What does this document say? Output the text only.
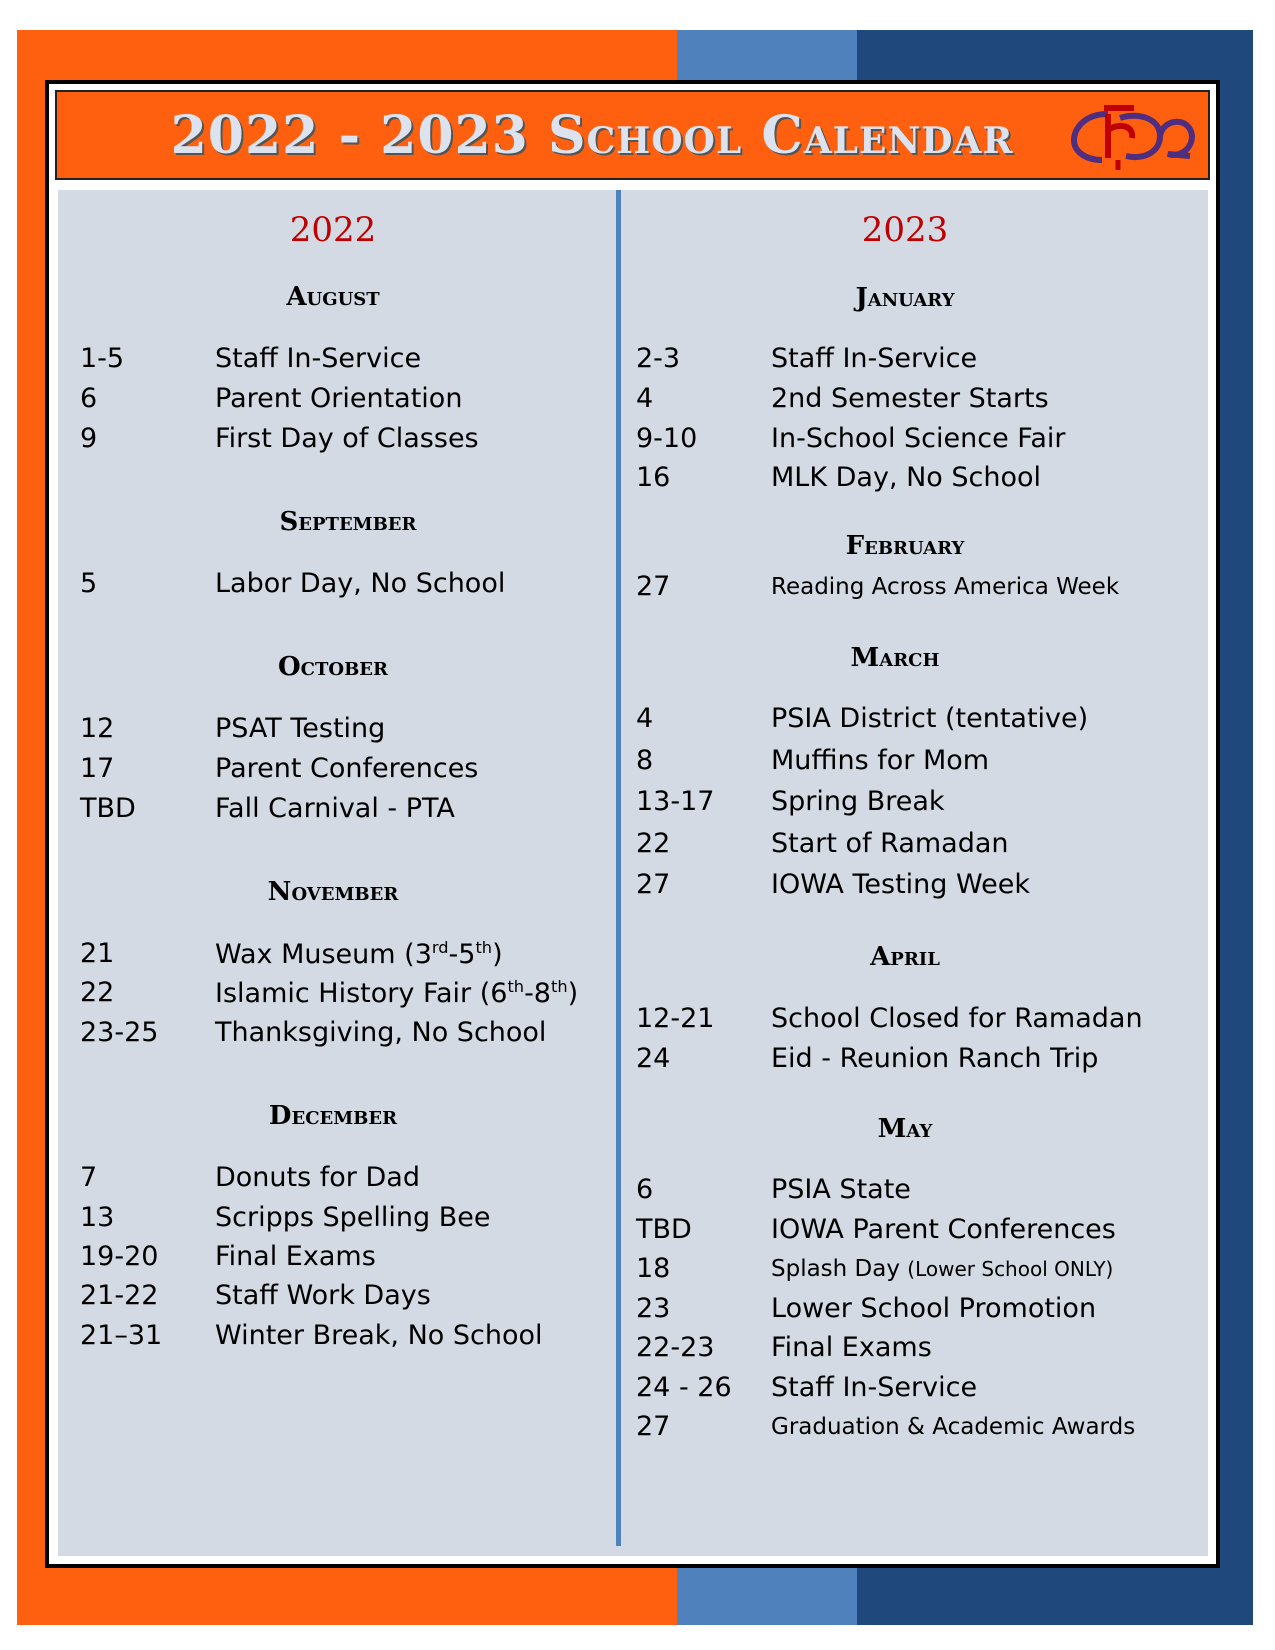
2022 - 2023 School Calendar
2022
August
1-5	Staff In-Service
6	Parent Orientation
9	First Day of Classes
September
5	Labor Day, No School
October
12	PSAT Testing
17	Parent Conferences
TBD	Fall Carnival - PTA
November
21	Wax Museum (3rd-5th)
22	Islamic History Fair (6th-8th)
23-25 Thanksgiving, No School
December
7	Donuts for Dad
13	Scripps Spelling Bee
19-20 Final Exams
21-22 Staff Work Days
21–31 Winter Break, No School
2023
January
2-3	Staff In-Service
4	2nd Semester Starts
9-10	In-School Science Fair
16	MLK Day, No School
February
27	Reading Across America Week
March
4	PSIA District (tentative)
8	Muffins for Mom
13-17 Spring Break
22	Start of Ramadan
27	IOWA Testing Week
April
12-21 School Closed for Ramadan
24	Eid - Reunion Ranch Trip
May
6	PSIA State
TBD	IOWA Parent Conferences
18	Splash Day (Lower School ONLY)
23	Lower School Promotion
22-23 Final Exams
24 - 26 Staff In-Service
27	Graduation & Academic Awards
